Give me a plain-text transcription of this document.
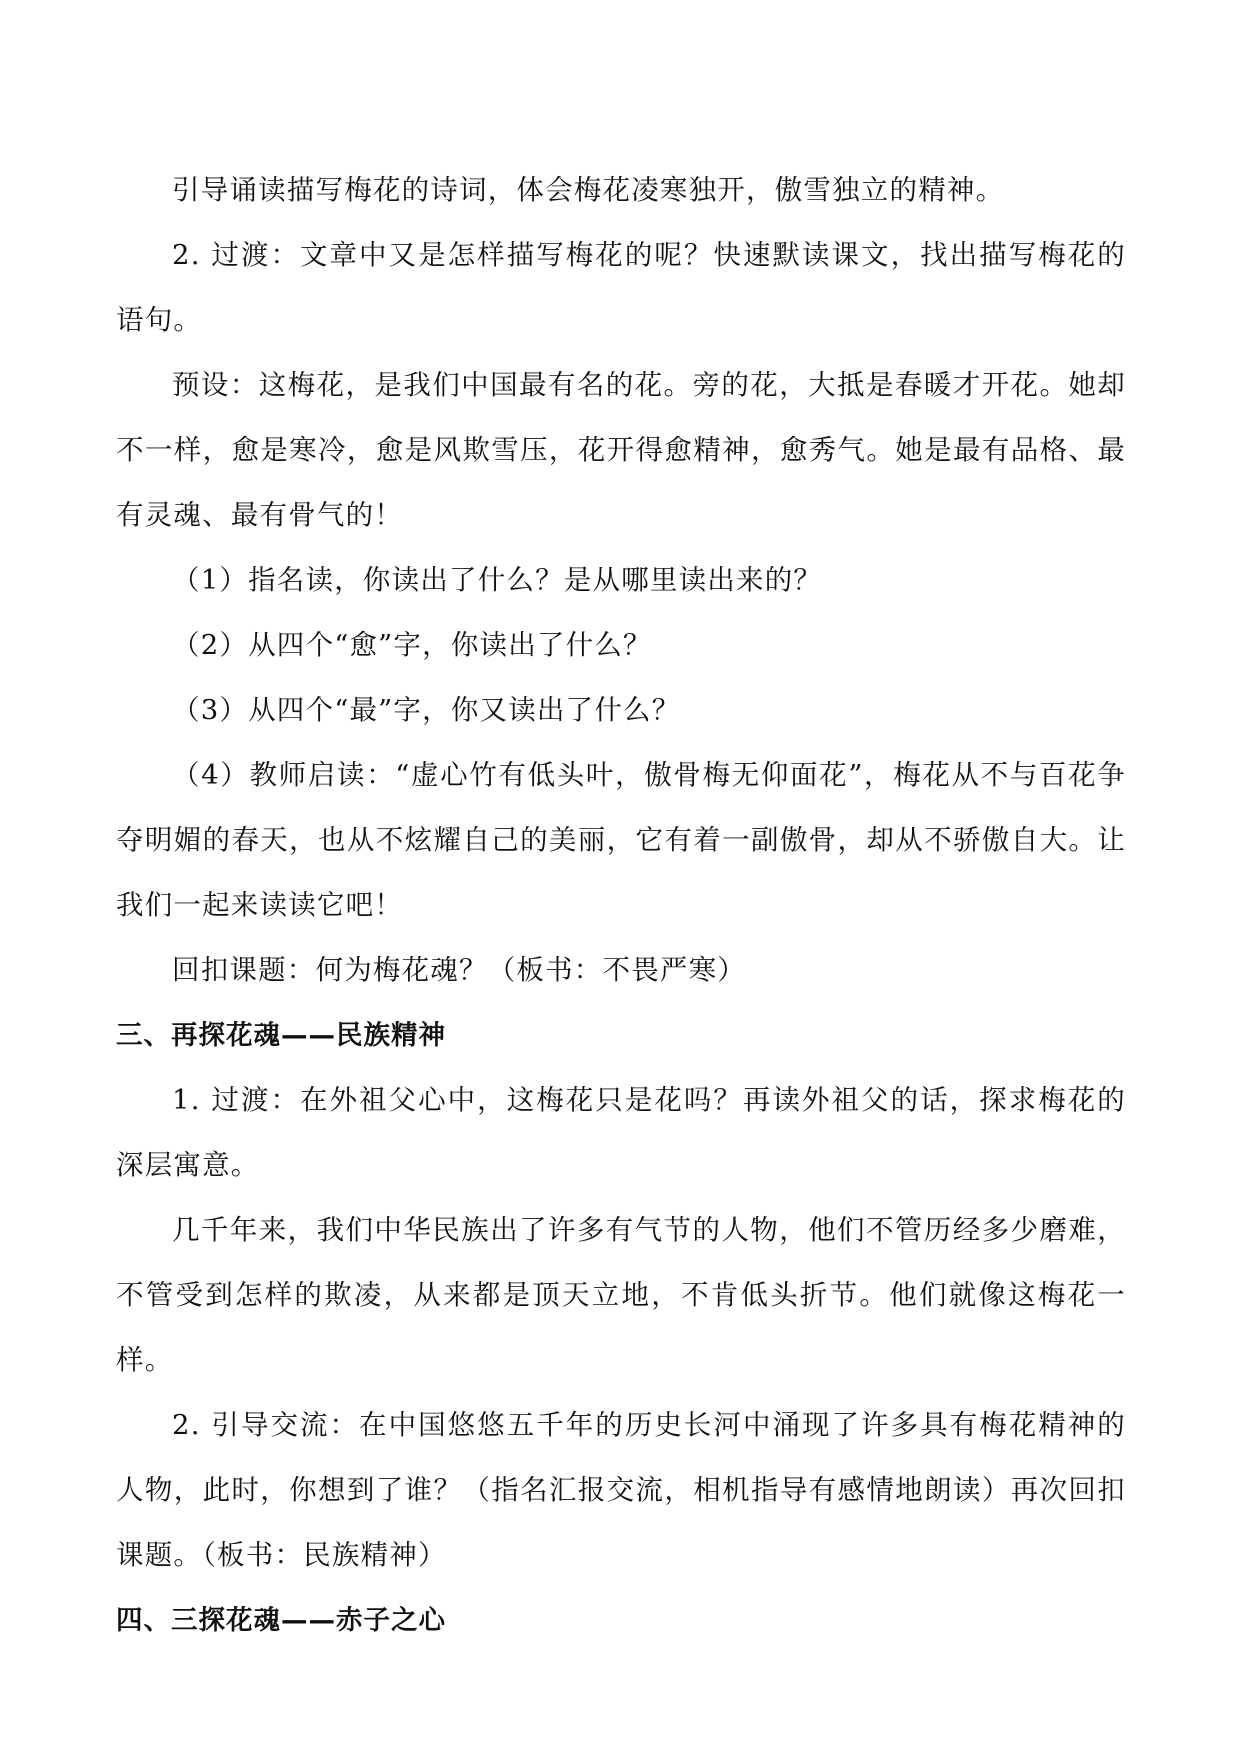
引导诵读描写梅花的诗词，体会梅花凌寒独开，傲雪独立的精神。

2. 过渡：文章中又是怎样描写梅花的呢？快速默读课文，找出描写梅花的语句。

预设：这梅花，是我们中国最有名的花。旁的花，大抵是春暖才开花。她却不一样，愈是寒冷，愈是风欺雪压，花开得愈精神，愈秀气。她是最有品格、最有灵魂、最有骨气的！

（1）指名读，你读出了什么？是从哪里读出来的？

（2）从四个“愈”字，你读出了什么？

（3）从四个“最”字，你又读出了什么？

（4）教师启读：“虚心竹有低头叶，傲骨梅无仰面花”，梅花从不与百花争夺明媚的春天，也从不炫耀自己的美丽，它有着一副傲骨，却从不骄傲自大。让我们一起来读读它吧！

回扣课题：何为梅花魂？（板书：不畏严寒）

三、再探花魂——民族精神

1. 过渡：在外祖父心中，这梅花只是花吗？再读外祖父的话，探求梅花的深层寓意。

几千年来，我们中华民族出了许多有气节的人物，他们不管历经多少磨难，不管受到怎样的欺凌，从来都是顶天立地，不肯低头折节。他们就像这梅花一样。

2. 引导交流：在中国悠悠五千年的历史长河中涌现了许多具有梅花精神的人物，此时，你想到了谁？（指名汇报交流，相机指导有感情地朗读）再次回扣课题。（板书：民族精神）

四、三探花魂——赤子之心
